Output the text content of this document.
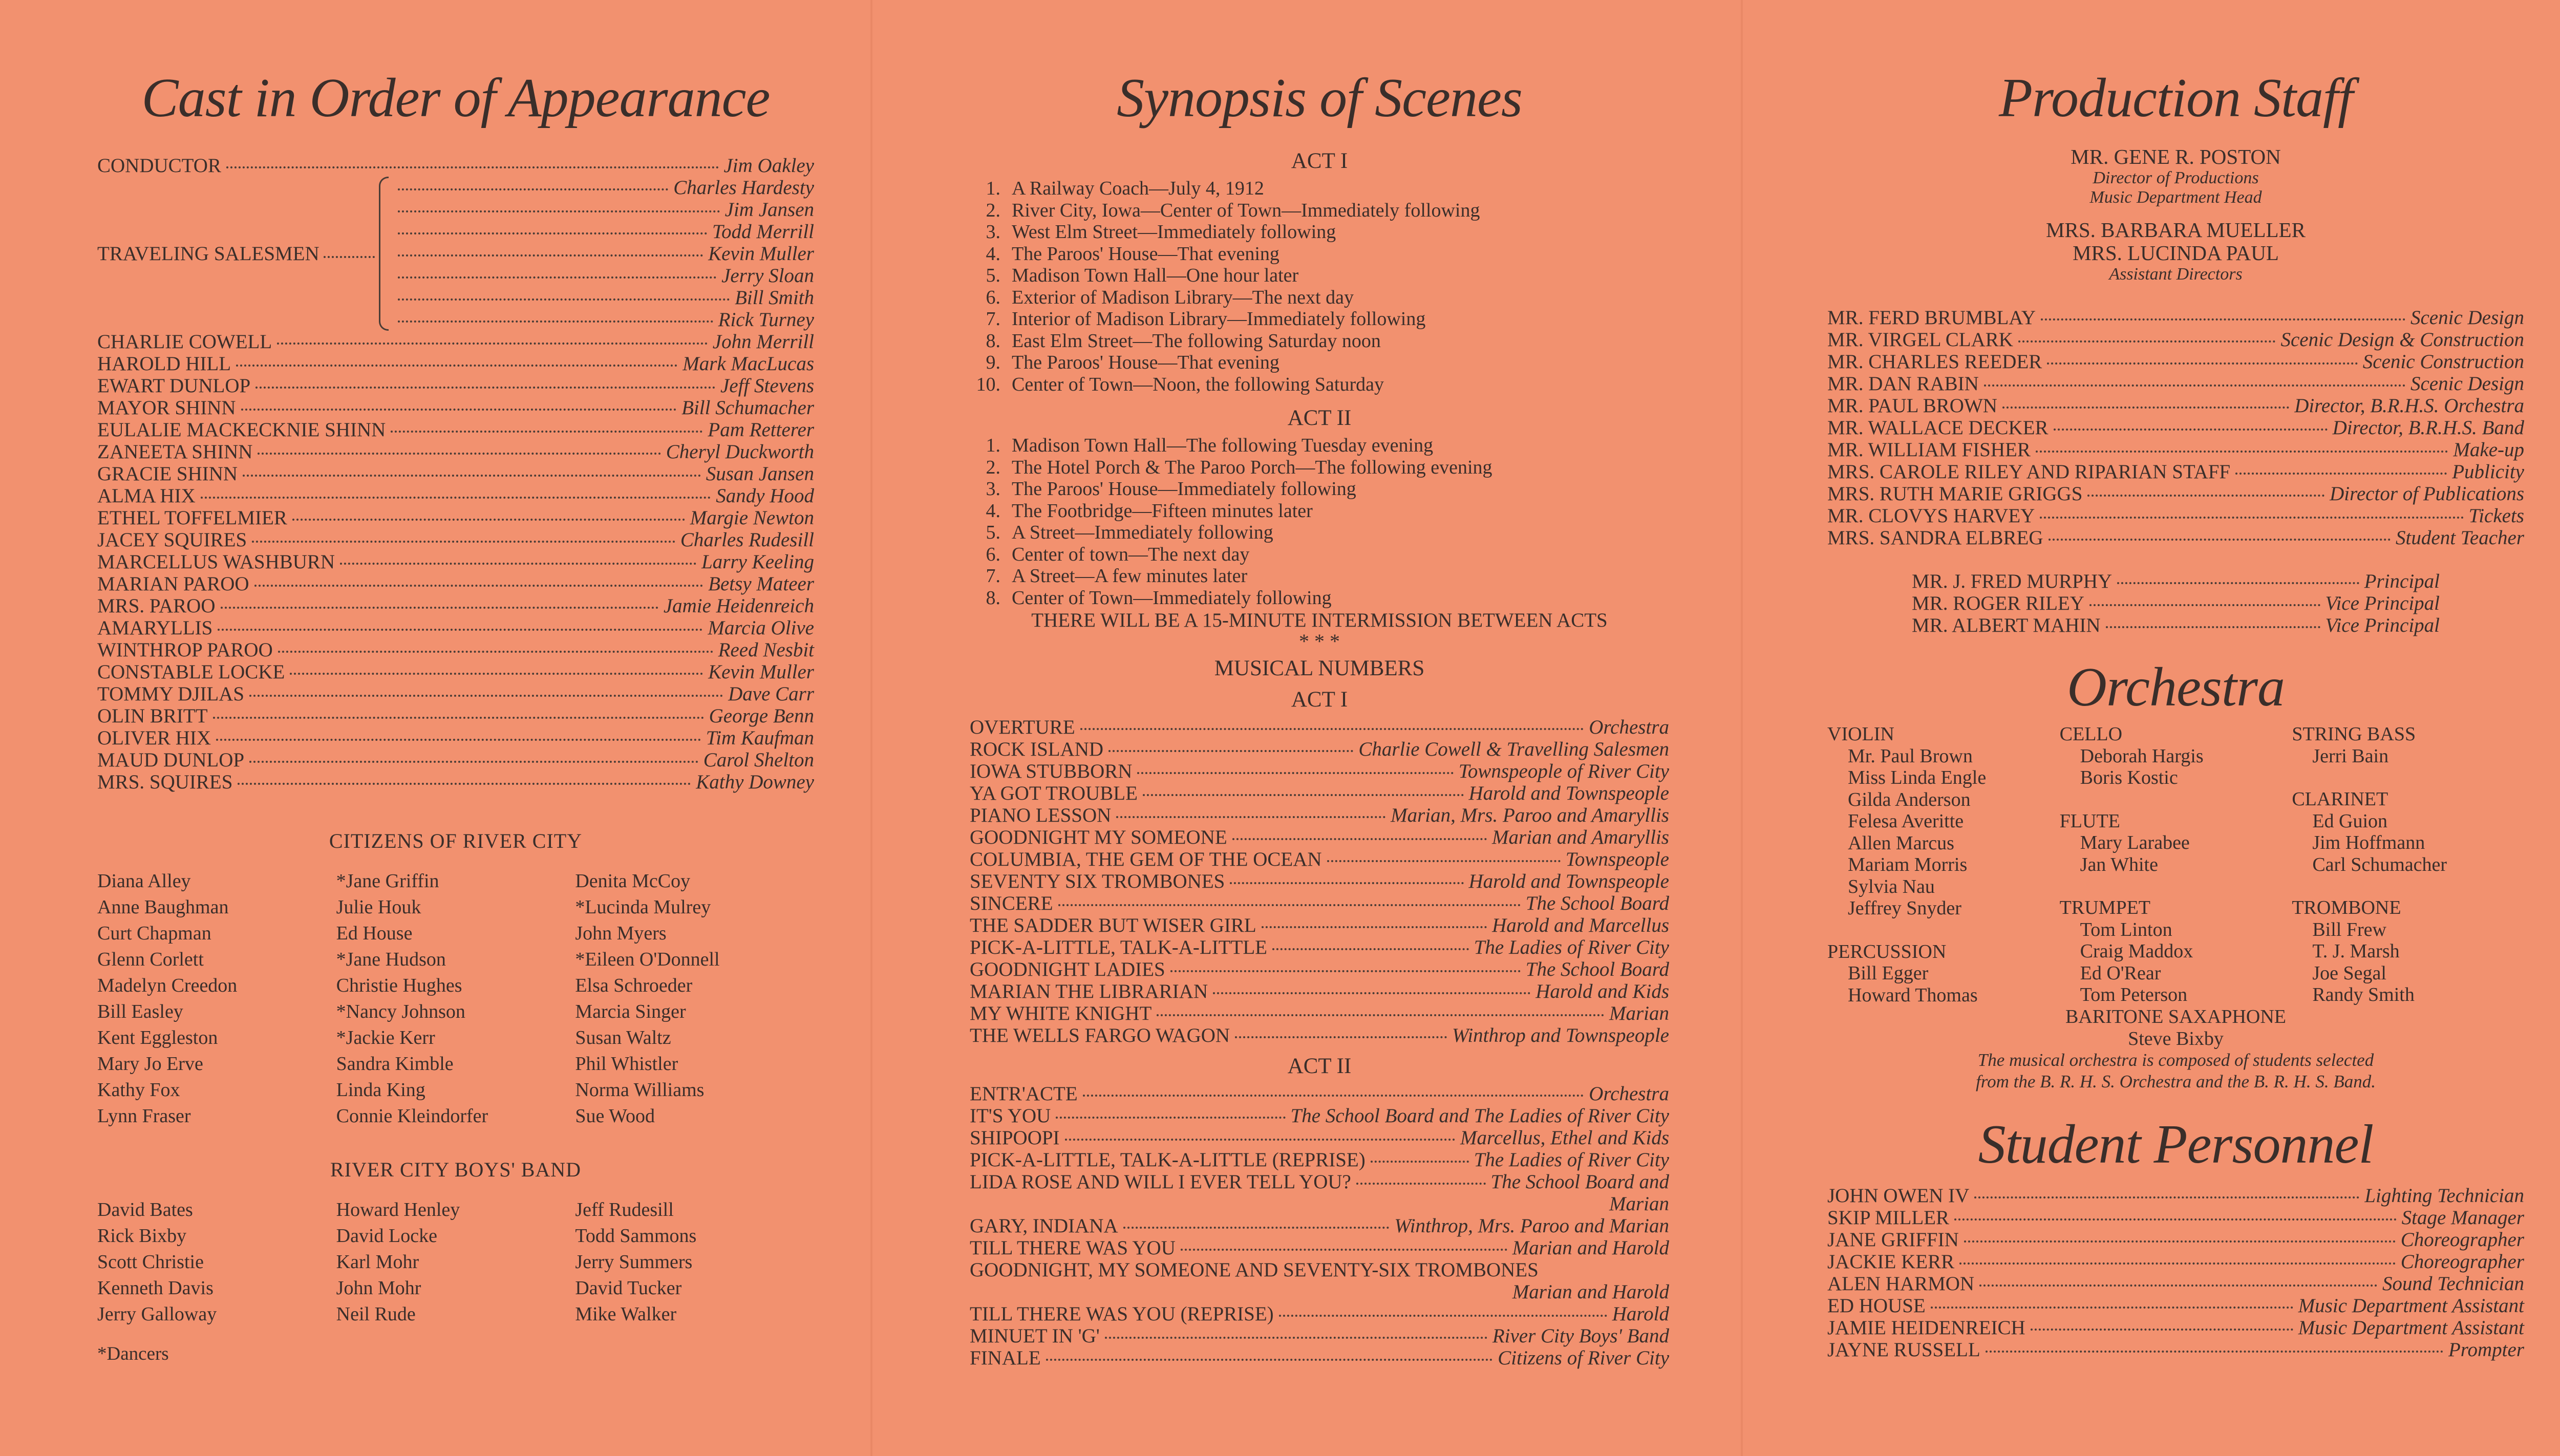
Cast in Order of Appearance
CONDUCTOR	Jim Oakley
TRAVELING SALESMEN
Charles Hardesty
Jim Jansen
Todd Merrill
Kevin Muller
Jerry Sloan
Bill Smith
Rick Turney
CHARLIE COWELL	John Merrill
HAROLD HILL	Mark MacLucas
EWART DUNLOP	Jeff Stevens
MAYOR SHINN	Bill Schumacher
EULALIE MACKECKNIE SHINN	Pam Retterer
ZANEETA SHINN	Cheryl Duckworth
GRACIE SHINN	Susan Jansen
ALMA HIX	Sandy Hood
ETHEL TOFFELMIER	Margie Newton
JACEY SQUIRES	Charles Rudesill
MARCELLUS WASHBURN	Larry Keeling
MARIAN PAROO	Betsy Mateer
MRS. PAROO	Jamie Heidenreich
AMARYLLIS	Marcia Olive
WINTHROP PAROO	Reed Nesbit
CONSTABLE LOCKE	Kevin Muller
TOMMY DJILAS	Dave Carr
OLIN BRITT	George Benn
OLIVER HIX	Tim Kaufman
MAUD DUNLOP	Carol Shelton
MRS. SQUIRES	Kathy Downey
CITIZENS OF RIVER CITY
Diana Alley
Anne Baughman
Curt Chapman
Glenn Corlett
Madelyn Creedon
Bill Easley
Kent Eggleston
Mary Jo Erve
Kathy Fox
Lynn Fraser
*Jane Griffin
Julie Houk
Ed House
*Jane Hudson
Christie Hughes
*Nancy Johnson
*Jackie Kerr
Sandra Kimble
Linda King
Connie Kleindorfer
Denita McCoy
*Lucinda Mulrey
John Myers
*Eileen O'Donnell
Elsa Schroeder
Marcia Singer
Susan Waltz
Phil Whistler
Norma Williams
Sue Wood
RIVER CITY BOYS' BAND
David Bates
Rick Bixby
Scott Christie
Kenneth Davis
Jerry Galloway
Howard Henley
David Locke
Karl Mohr
John Mohr
Neil Rude
Jeff Rudesill
Todd Sammons
Jerry Summers
David Tucker
Mike Walker
*Dancers
Synopsis of Scenes
ACT I
1. A Railway Coach—July 4, 1912
2. River City, Iowa—Center of Town—Immediately following
3. West Elm Street—Immediately following
4. The Paroos' House—That evening
5. Madison Town Hall—One hour later
6. Exterior of Madison Library—The next day
7. Interior of Madison Library—Immediately following
8. East Elm Street—The following Saturday noon
9. The Paroos' House—That evening
10. Center of Town—Noon, the following Saturday
ACT II
1. Madison Town Hall—The following Tuesday evening
2. The Hotel Porch & The Paroo Porch—The following evening
3. The Paroos' House—Immediately following
4. The Footbridge—Fifteen minutes later
5. A Street—Immediately following
6. Center of town—The next day
7. A Street—A few minutes later
8. Center of Town—Immediately following
THERE WILL BE A 15-MINUTE INTERMISSION BETWEEN ACTS
* * *
MUSICAL NUMBERS
ACT I
OVERTURE	Orchestra
ROCK ISLAND	Charlie Cowell & Travelling Salesmen
IOWA STUBBORN	Townspeople of River City
YA GOT TROUBLE	Harold and Townspeople
PIANO LESSON	Marian, Mrs. Paroo and Amaryllis
GOODNIGHT MY SOMEONE	Marian and Amaryllis
COLUMBIA, THE GEM OF THE OCEAN	Townspeople
SEVENTY SIX TROMBONES	Harold and Townspeople
SINCERE	The School Board
THE SADDER BUT WISER GIRL	Harold and Marcellus
PICK-A-LITTLE, TALK-A-LITTLE	The Ladies of River City
GOODNIGHT LADIES	The School Board
MARIAN THE LIBRARIAN	Harold and Kids
MY WHITE KNIGHT	Marian
THE WELLS FARGO WAGON	Winthrop and Townspeople
ACT II
ENTR'ACTE	Orchestra
IT'S YOU	The School Board and The Ladies of River City
SHIPOOPI	Marcellus, Ethel and Kids
PICK-A-LITTLE, TALK-A-LITTLE (REPRISE)	The Ladies of River City
LIDA ROSE AND WILL I EVER TELL YOU?	The School Board and
Marian
GARY, INDIANA	Winthrop, Mrs. Paroo and Marian
TILL THERE WAS YOU	Marian and Harold
GOODNIGHT, MY SOMEONE AND SEVENTY-SIX TROMBONES
Marian and Harold
TILL THERE WAS YOU (REPRISE)	Harold
MINUET IN 'G'	River City Boys' Band
FINALE	Citizens of River City
Production Staff
MR. GENE R. POSTON
Director of Productions
Music Department Head
MRS. BARBARA MUELLER
MRS. LUCINDA PAUL
Assistant Directors
MR. FERD BRUMBLAY	Scenic Design
MR. VIRGEL CLARK	Scenic Design & Construction
MR. CHARLES REEDER	Scenic Construction
MR. DAN RABIN	Scenic Design
MR. PAUL BROWN	Director, B.R.H.S. Orchestra
MR. WALLACE DECKER	Director, B.R.H.S. Band
MR. WILLIAM FISHER	Make-up
MRS. CAROLE RILEY AND RIPARIAN STAFF	Publicity
MRS. RUTH MARIE GRIGGS	Director of Publications
MR. CLOVYS HARVEY	Tickets
MRS. SANDRA ELBREG	Student Teacher
MR. J. FRED MURPHY	Principal
MR. ROGER RILEY	Vice Principal
MR. ALBERT MAHIN	Vice Principal
Orchestra
VIOLIN
Mr. Paul Brown
Miss Linda Engle
Gilda Anderson
Felesa Averitte
Allen Marcus
Mariam Morris
Sylvia Nau
Jeffrey Snyder
PERCUSSION
Bill Egger
Howard Thomas
CELLO
Deborah Hargis
Boris Kostic
FLUTE
Mary Larabee
Jan White
TRUMPET
Tom Linton
Craig Maddox
Ed O'Rear
Tom Peterson
STRING BASS
Jerri Bain
CLARINET
Ed Guion
Jim Hoffmann
Carl Schumacher
TROMBONE
Bill Frew
T. J. Marsh
Joe Segal
Randy Smith
BARITONE SAXAPHONE
Steve Bixby
The musical orchestra is composed of students selected
from the B. R. H. S. Orchestra and the B. R. H. S. Band.
Student Personnel
JOHN OWEN IV	Lighting Technician
SKIP MILLER	Stage Manager
JANE GRIFFIN	Choreographer
JACKIE KERR	Choreographer
ALEN HARMON	Sound Technician
ED HOUSE	Music Department Assistant
JAMIE HEIDENREICH	Music Department Assistant
JAYNE RUSSELL	Prompter
